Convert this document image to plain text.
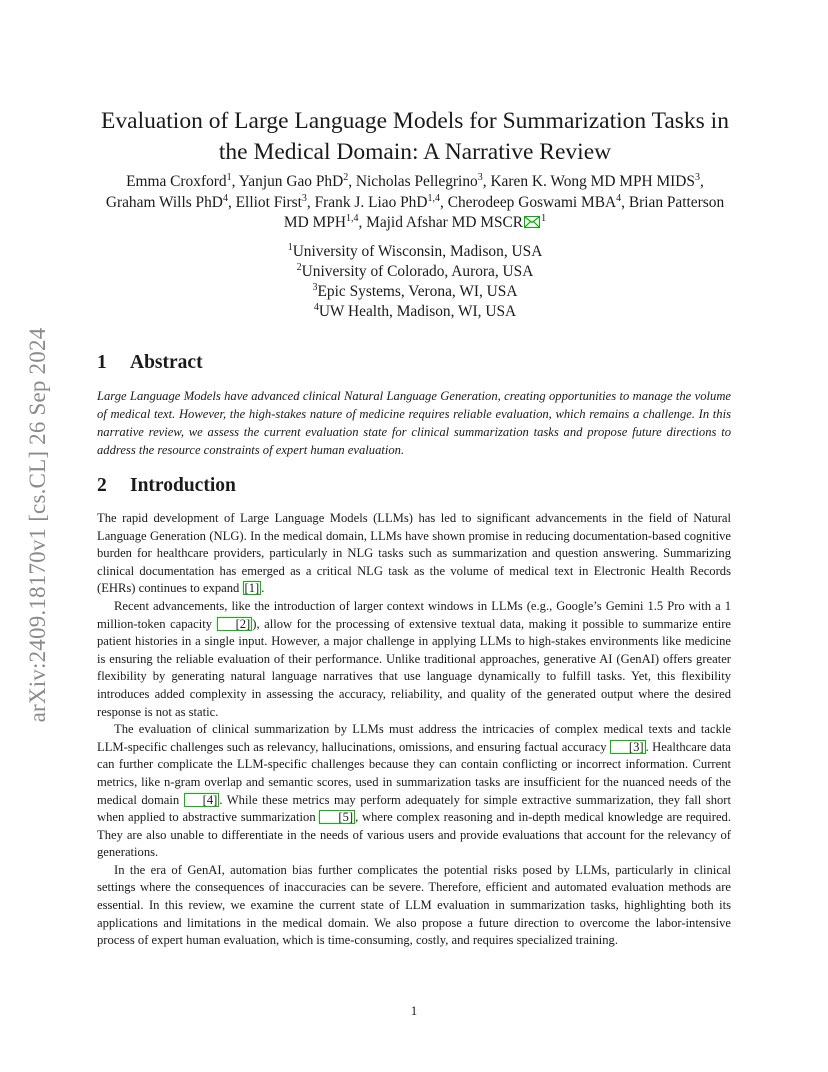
arXiv:2409.18170v1 [cs.CL] 26 Sep 2024
Evaluation of Large Language Models for Summarization Tasks in the Medical Domain: A Narrative Review
Emma Croxford$^1$, Yanjun Gao PhD$^2$, Nicholas Pellegrino$^3$, Karen K. Wong MD MPH MIDS$^3$, Graham Wills PhD$^4$, Elliot First$^3$, Frank J. Liao PhD$^{1,4}$, Cherodeep Goswami MBA$^4$, Brian Patterson MD MPH$^{1,4}$, Majid Afshar MD MSCR $^1$
$^1$University of Wisconsin, Madison, USA
$^2$University of Colorado, Aurora, USA
$^3$Epic Systems, Verona, WI, USA
$^4$UW Health, Madison, WI, USA
1 Abstract
Large Language Models have advanced clinical Natural Language Generation, creating opportunities to manage the volume of medical text. However, the high-stakes nature of medicine requires reliable evaluation, which remains a challenge. In this narrative review, we assess the current evaluation state for clinical summarization tasks and propose future directions to address the resource constraints of expert human evaluation.
2 Introduction

The rapid development of Large Language Models (LLMs) has led to significant advancements in the field of Natural Language Generation (NLG). In the medical domain, LLMs have shown promise in reducing documentation-based cognitive burden for healthcare providers, particularly in NLG tasks such as summarization and question answering. Summarizing clinical documentation has emerged as a critical NLG task as the volume of medical text in Electronic Health Records (EHRs) continues to expand [1] .

Recent advancements, like the introduction of larger context windows in LLMs (e.g., Google’s Gemini 1.5 Pro with a 1 million-token capacity [2] ), allow for the processing of extensive textual data, making it possible to summarize entire patient histories in a single input. However, a major challenge in applying LLMs to high-stakes environments like medicine is ensuring the reliable evaluation of their performance. Unlike traditional approaches, generative AI (GenAI) offers greater flexibility by generating natural language narratives that use language dynamically to fulfill tasks. Yet, this flexibility introduces added complexity in assessing the accuracy, reliability, and quality of the generated output where the desired response is not as static.

The evaluation of clinical summarization by LLMs must address the intricacies of complex medical texts and tackle LLM-specific challenges such as relevancy, hallucinations, omissions, and ensuring factual accuracy [3] . Healthcare data can further complicate the LLM-specific challenges because they can contain conflicting or incorrect information. Current metrics, like n-gram overlap and semantic scores, used in summarization tasks are insufficient for the nuanced needs of the medical domain [4] . While these metrics may perform adequately for simple extractive summarization, they fall short when applied to abstractive summarization [5] , where complex reasoning and in-depth medical knowledge are required. They are also unable to differentiate in the needs of various users and provide evaluations that account for the relevancy of generations.

In the era of GenAI, automation bias further complicates the potential risks posed by LLMs, particularly in clinical settings where the consequences of inaccuracies can be severe. Therefore, efficient and automated evaluation methods are essential. In this review, we examine the current state of LLM evaluation in summarization tasks, highlighting both its applications and limitations in the medical domain. We also propose a future direction to overcome the labor-intensive process of expert human evaluation, which is time-consuming, costly, and requires specialized training.

1
